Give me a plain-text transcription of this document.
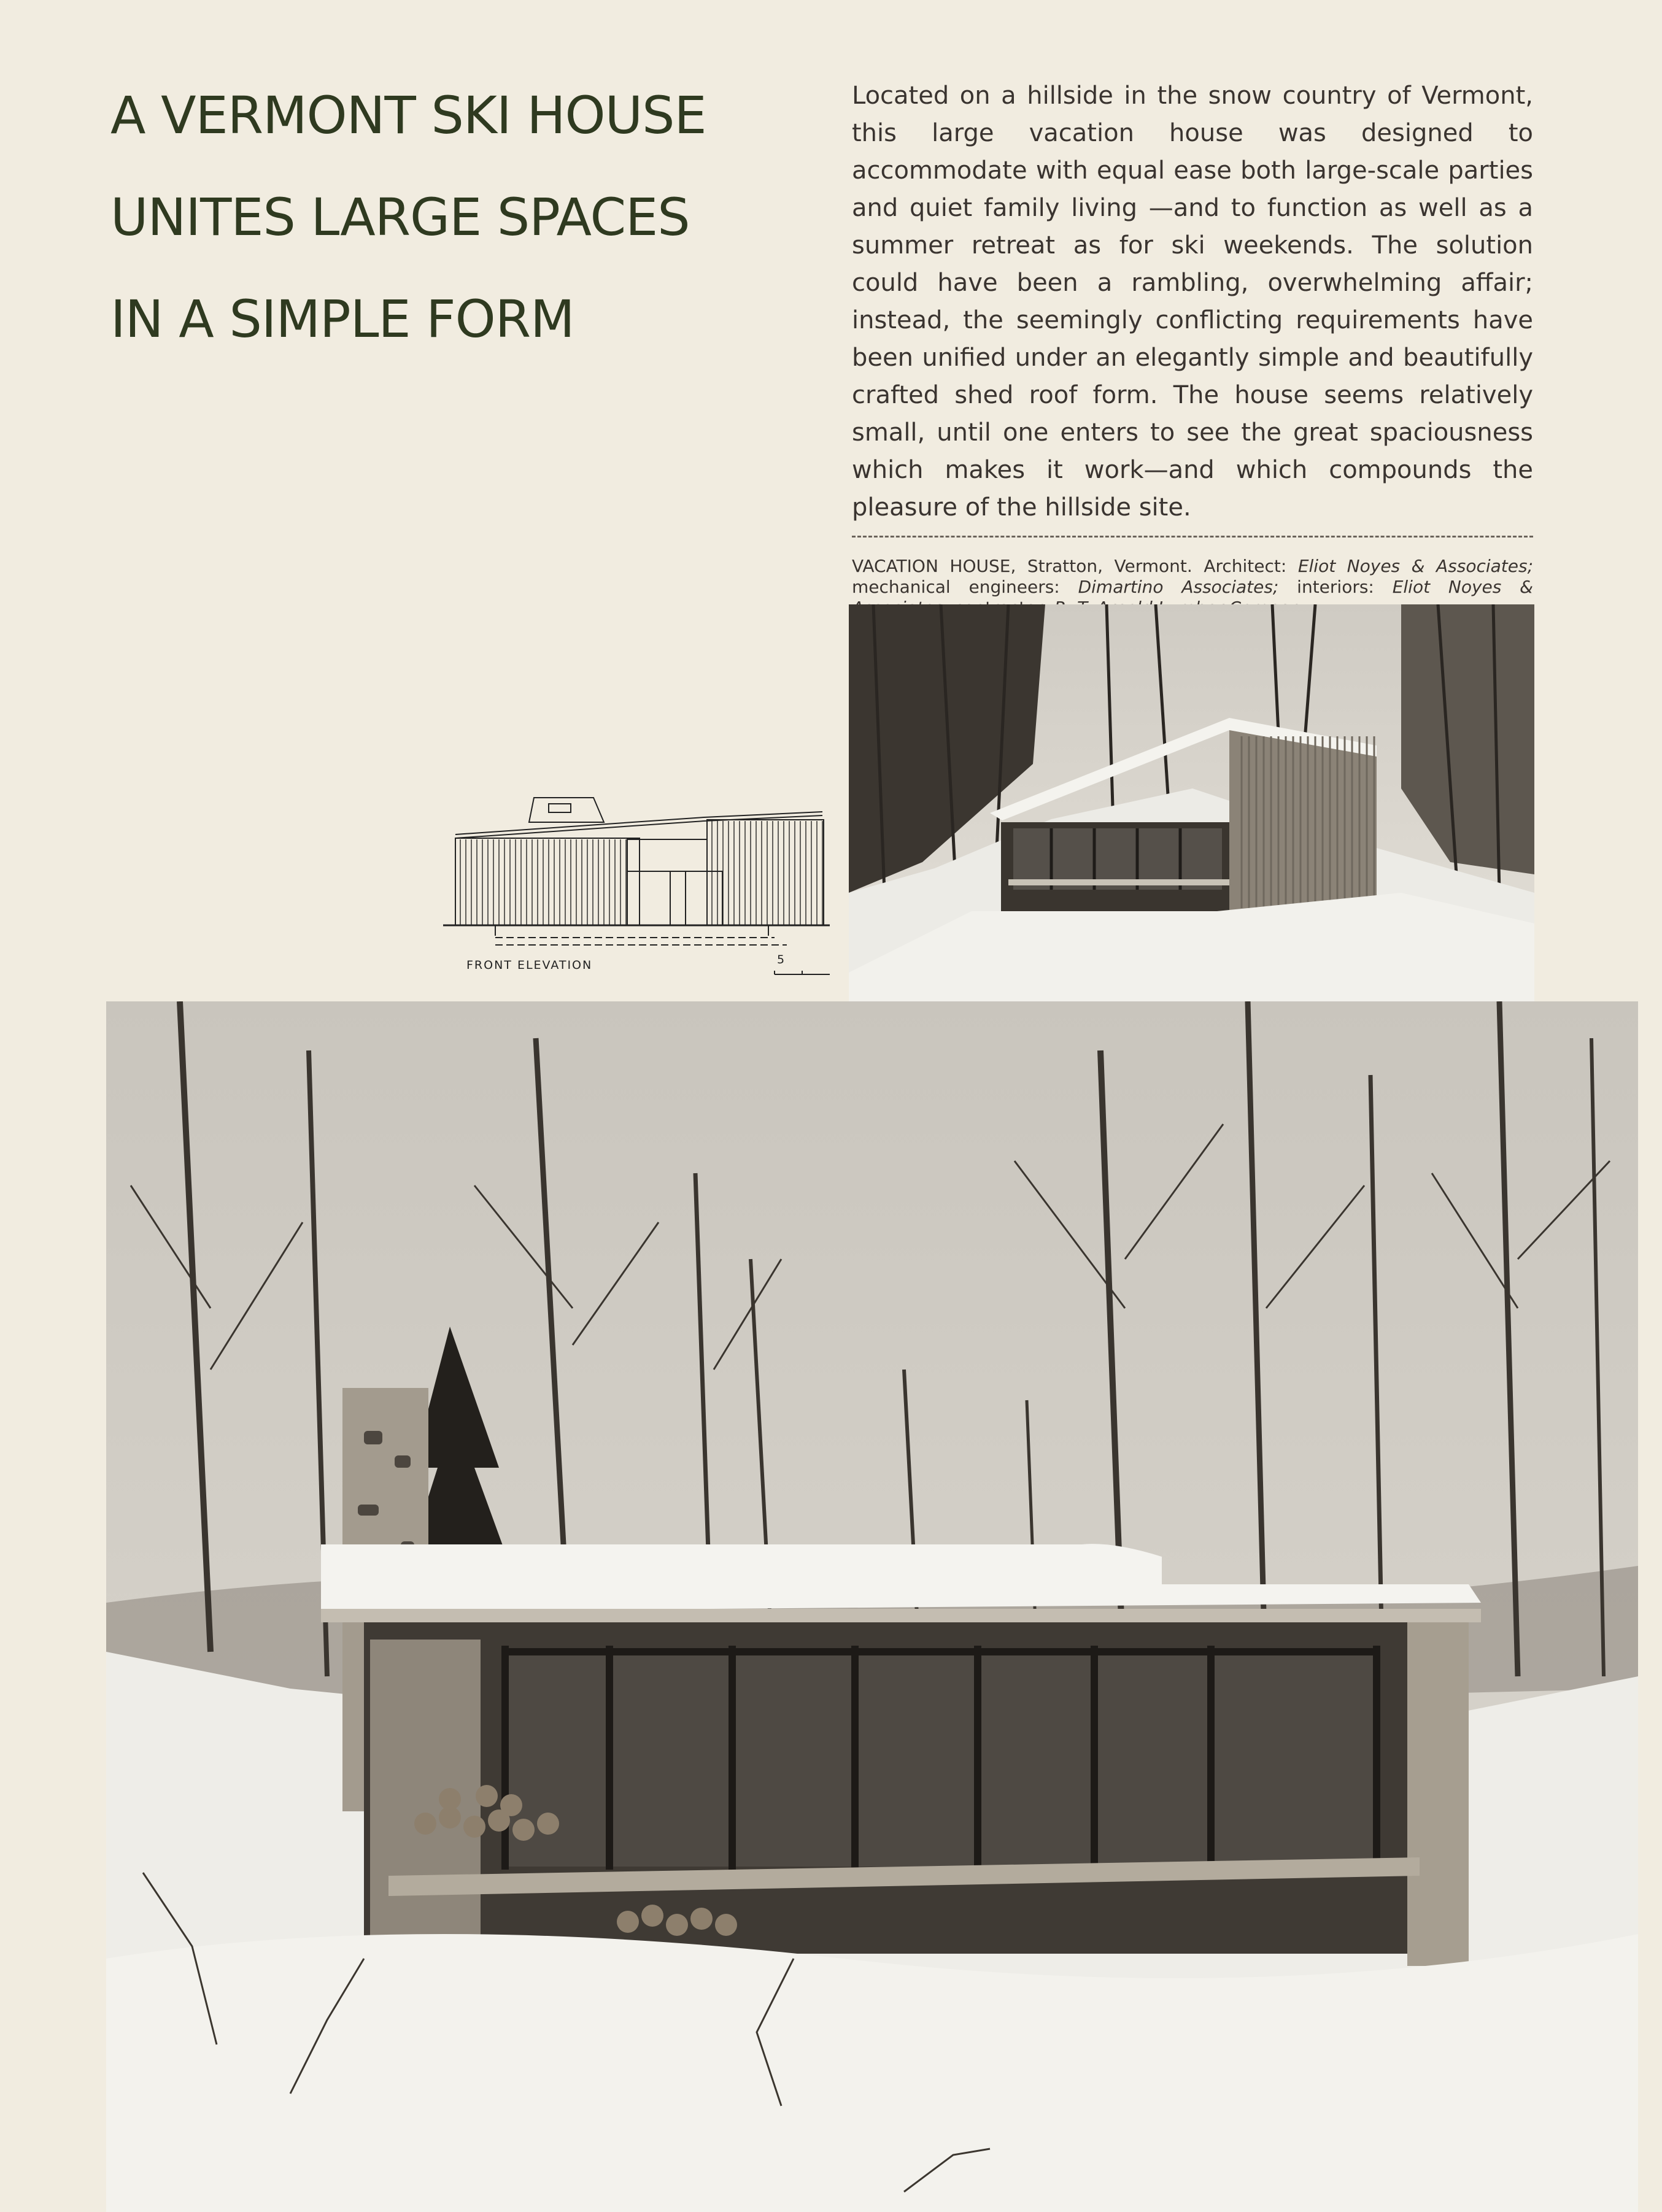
A VERMONT SKI HOUSE
UNITES LARGE SPACES
IN A SIMPLE FORM

Located on a hillside in the snow country of Vermont, this large vacation house was designed to accommodate with equal ease both large-scale parties and quiet family living —and to function as well as a summer retreat as for ski weekends. The solution could have been a rambling, overwhelming affair; instead, the seemingly conflicting requirements have been unified under an elegantly simple and beautifully crafted shed roof form. The house seems relatively small, until one enters to see the great spaciousness which makes it work—and which compounds the pleasure of the hillside site.

VACATION HOUSE, Stratton, Vermont. Architect: Eliot Noyes & Associates; mechanical engineers: Dimartino Associates; interiors: Eliot Noyes &

FRONT ELEVATION	5
